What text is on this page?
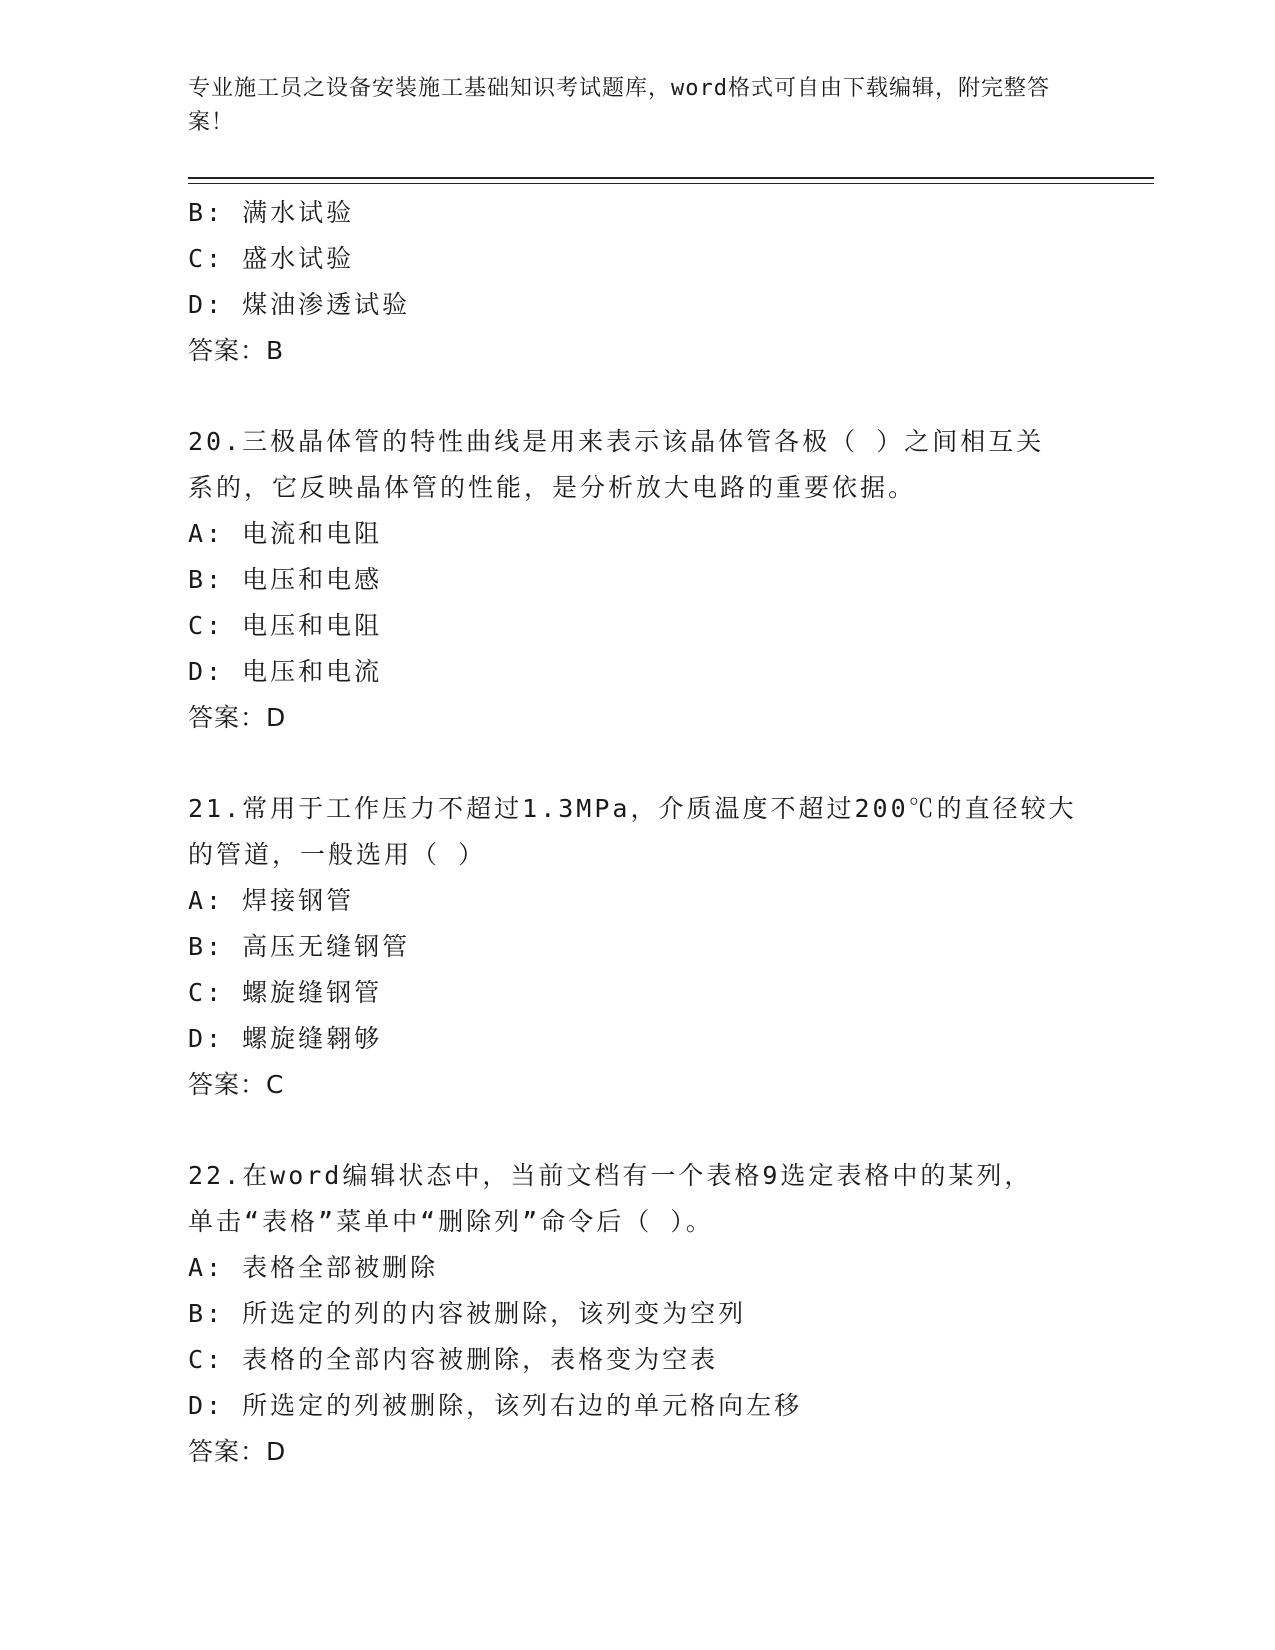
专业施工员之设备安装施工基础知识考试题库，word格式可自由下载编辑，附完整答案！
B: 满水试验
C: 盛水试验
D: 煤油渗透试验
答案：B
20.三极晶体管的特性曲线是用来表示该晶体管各极（ ）之间相互关
系的，它反映晶体管的性能，是分析放大电路的重要依据。
A: 电流和电阻
B: 电压和电感
C: 电压和电阻
D: 电压和电流
答案：D
21.常用于工作压力不超过1.3MPa，介质温度不超过200℃的直径较大
的管道，一般选用（ ）
A: 焊接钢管
B: 高压无缝钢管
C: 螺旋缝钢管
D: 螺旋缝翱够
答案：C
22.在word编辑状态中，当前文档有一个表格9选定表格中的某列，
单击“表格”菜单中“删除列”命令后（ ）。
A: 表格全部被删除
B: 所选定的列的内容被删除，该列变为空列
C: 表格的全部内容被删除，表格变为空表
D: 所选定的列被删除，该列右边的单元格向左移
答案：D
